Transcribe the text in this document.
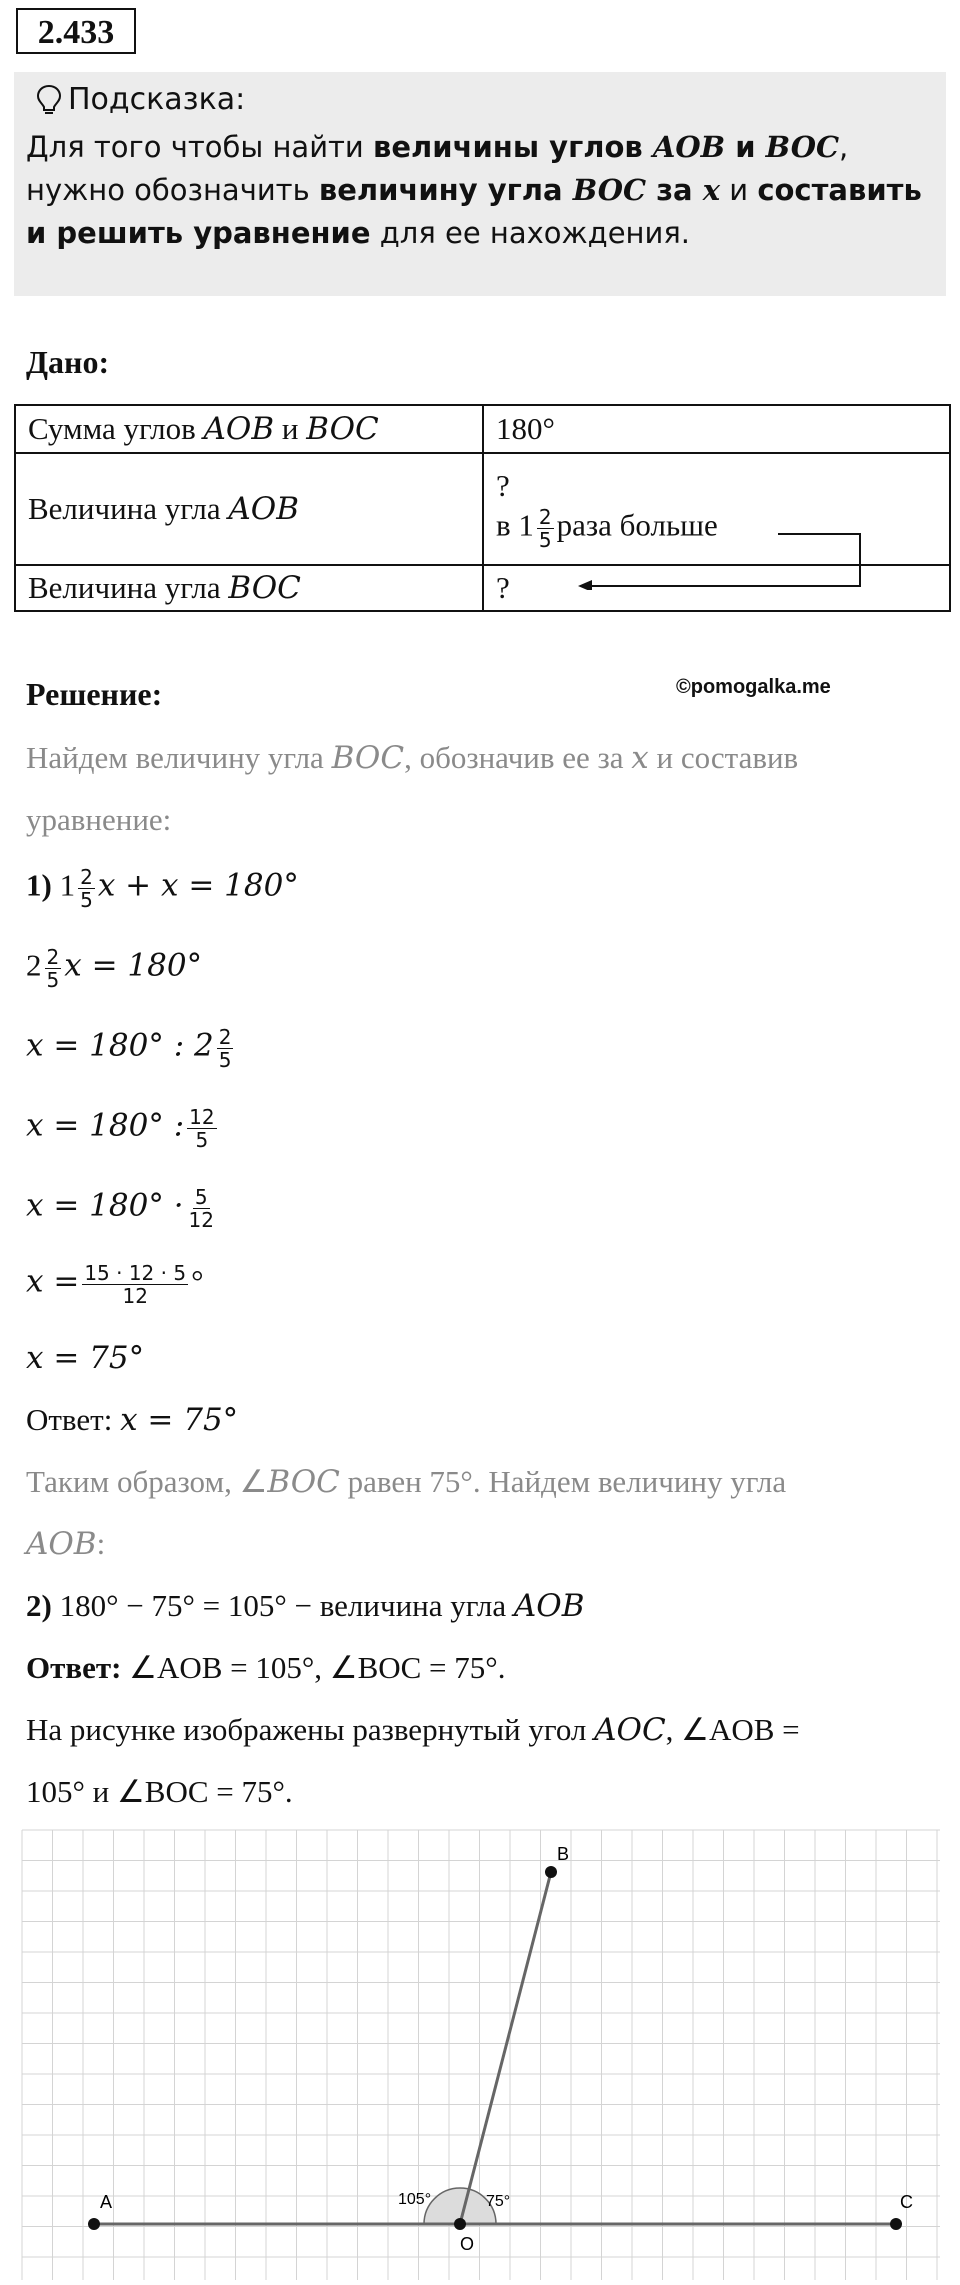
2.433
Подсказка:
Для того чтобы найти величины углов AOB и BOC, нужно обозначить величину угла BOC за x и составить и решить уравнение для ее нахождения.
Дано:
Сумма углов AOB и BOC	180°
Величина угла AOB	?
в $1 \frac{2}{5}$ раза больше

Величина угла BOC	?
Решение:	©pomogalka.me
Найдем величину угла BOC, обозначив ее за x и составив
уравнение:
1) $1 \frac{2}{5}$ x + x = 180°
$2 \frac{2}{5}$ x = 180°
x = 180° : $2 \frac{2}{5}$
x = 180° : $\frac{12}{5}$
$x = 180^\circ \cdot \frac{5}{12}$
$x = \frac{15 \cdot 12 \cdot 5}{12}$ °
x = 75°
Ответ: x = 75°
Таким образом, ∠BOC равен 75°. Найдем величину угла
AOB:
2) 180° − 75° = 105° − величина угла AOB
Ответ: ∠AOB = 105°, ∠BOC = 75°.
На рисунке изображены развернутый угол AOC, ∠AOB =
105° и ∠BOC = 75°.
A
B
C
O
105°	75°
